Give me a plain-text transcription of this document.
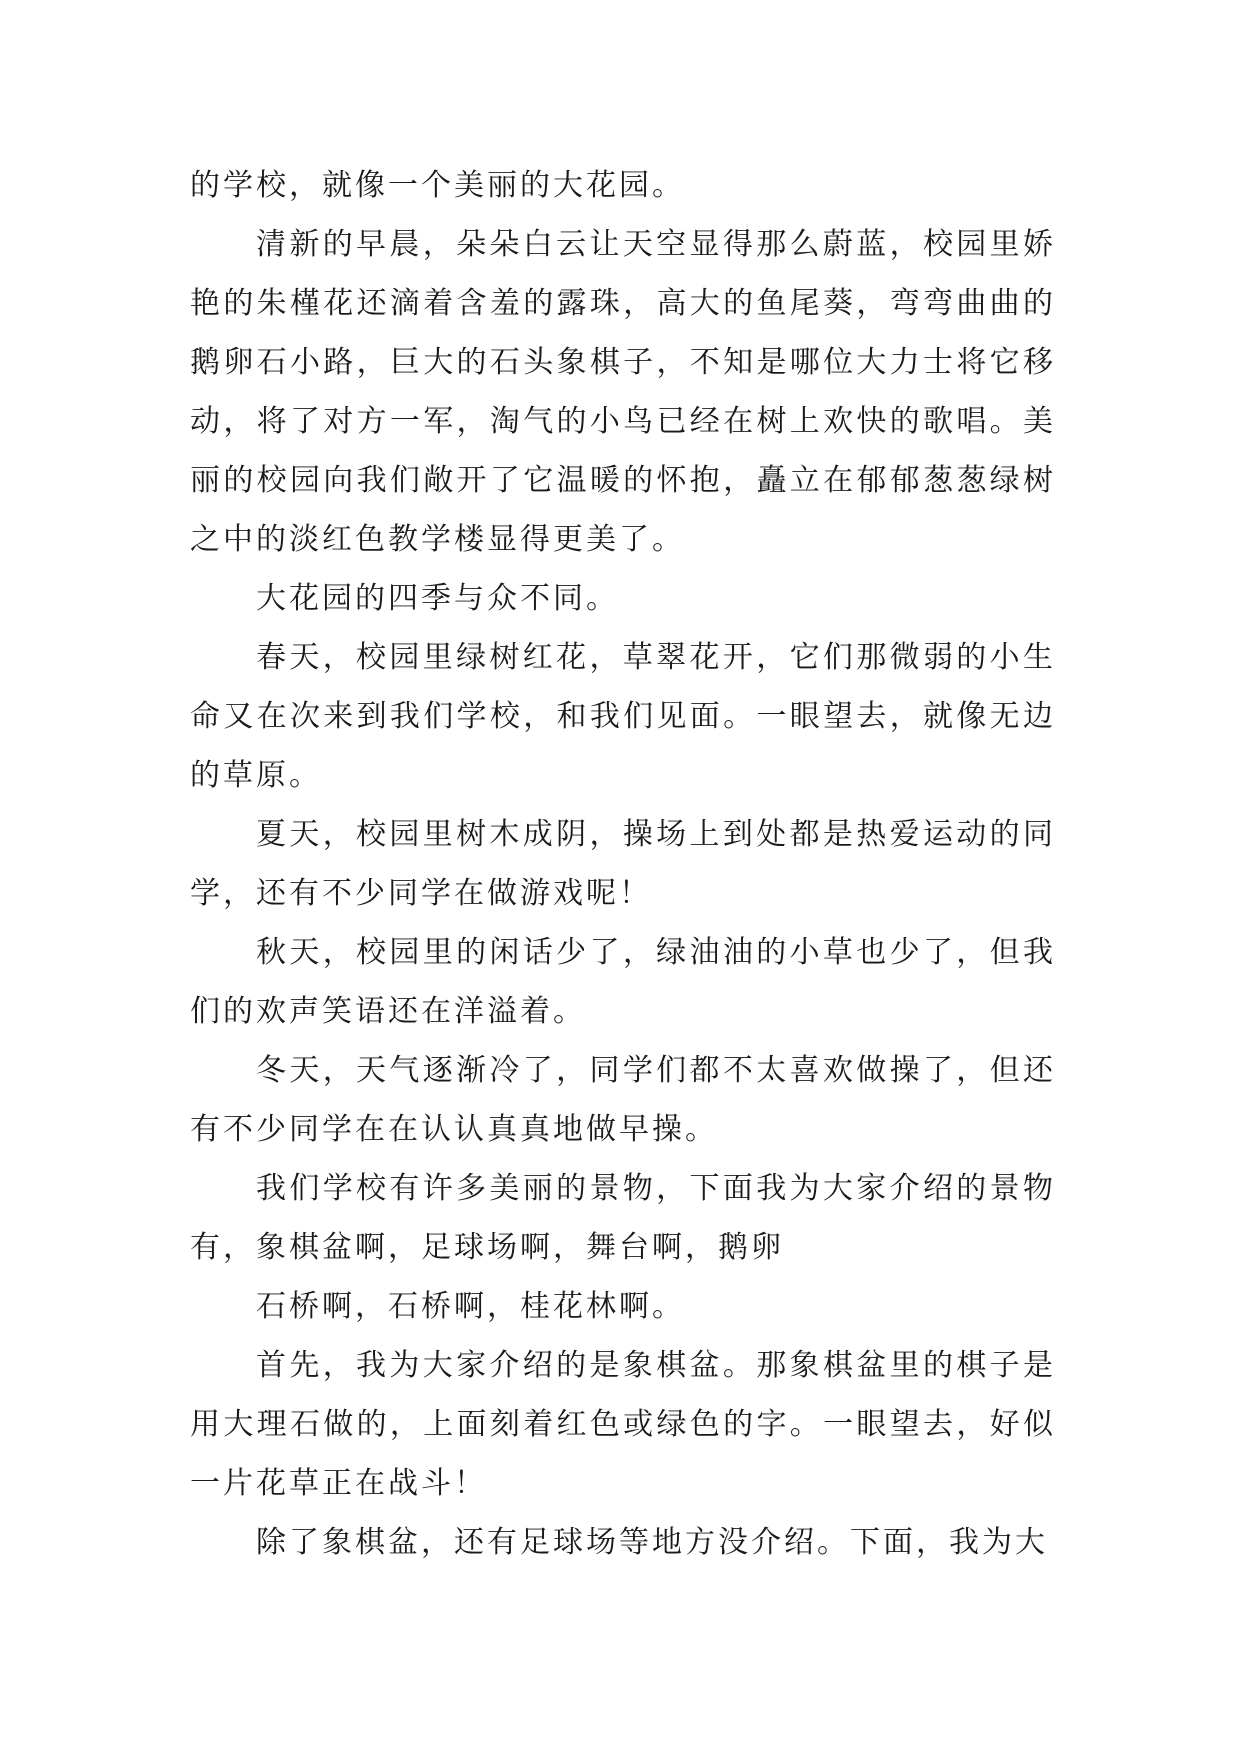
的学校，就像一个美丽的大花园。

清新的早晨，朵朵白云让天空显得那么蔚蓝，校园里娇艳的朱槿花还滴着含羞的露珠，高大的鱼尾葵，弯弯曲曲的鹅卵石小路，巨大的石头象棋子，不知是哪位大力士将它移动，将了对方一军，淘气的小鸟已经在树上欢快的歌唱。美丽的校园向我们敞开了它温暖的怀抱，矗立在郁郁葱葱绿树之中的淡红色教学楼显得更美了。

大花园的四季与众不同。

春天，校园里绿树红花，草翠花开，它们那微弱的小生命又在次来到我们学校，和我们见面。一眼望去，就像无边的草原。

夏天，校园里树木成阴，操场上到处都是热爱运动的同学，还有不少同学在做游戏呢！

秋天，校园里的闲话少了，绿油油的小草也少了，但我们的欢声笑语还在洋溢着。

冬天，天气逐渐冷了，同学们都不太喜欢做操了，但还有不少同学在在认认真真地做早操。

我们学校有许多美丽的景物，下面我为大家介绍的景物有，象棋盆啊，足球场啊，舞台啊，鹅卵

石桥啊，石桥啊，桂花林啊。

首先，我为大家介绍的是象棋盆。那象棋盆里的棋子是用大理石做的，上面刻着红色或绿色的字。一眼望去，好似一片花草正在战斗！

除了象棋盆，还有足球场等地方没介绍。下面，我为大
